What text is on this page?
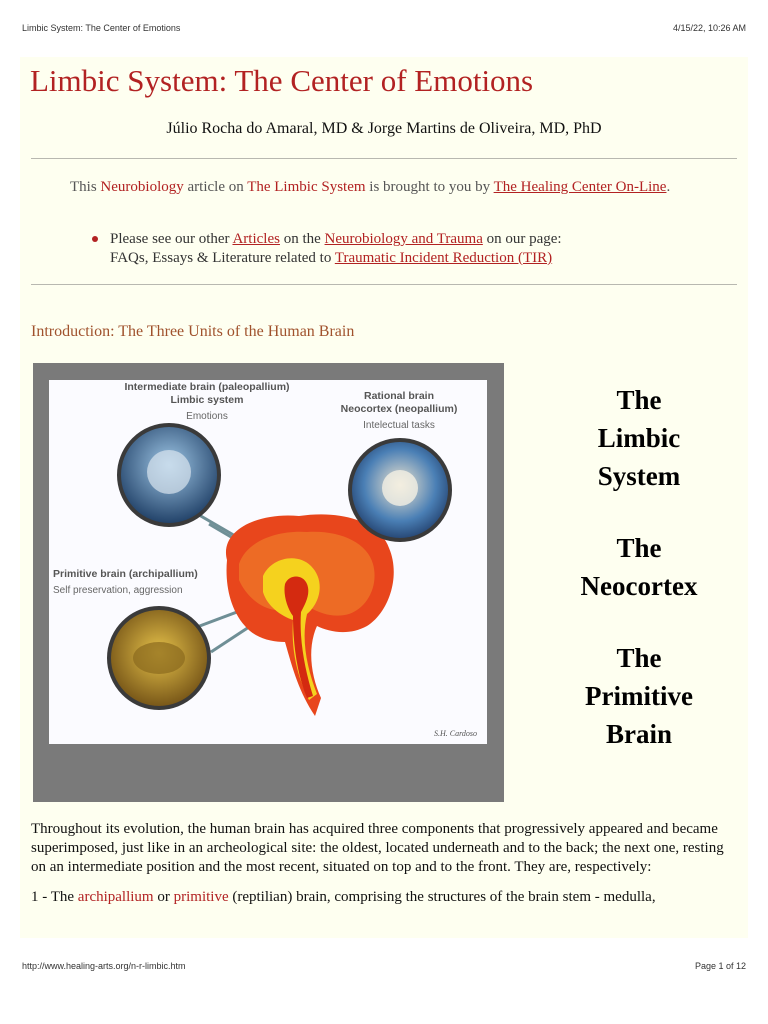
Limbic System: The Center of Emotions	4/15/22, 10:26 AM
Limbic System: The Center of Emotions
Júlio Rocha do Amaral, MD & Jorge Martins de Oliveira, MD, PhD
This Neurobiology article on The Limbic System is brought to you by The Healing Center On-Line.
Please see our other Articles on the Neurobiology and Trauma on our page:
FAQs, Essays & Literature related to Traumatic Incident Reduction (TIR)
Introduction: The Three Units of the Human Brain
Intermediate brain (paleopallium)
Limbic system
Emotions
Rational brain
Neocortex (neopallium)
Intelectual tasks
Primitive brain (archipallium)
Self preservation, aggression
S.H. Cardoso
The
Limbic
System
The
Neocortex
The
Primitive
Brain

Throughout its evolution, the human brain has acquired three components that progressively appeared and became superimposed, just like in an archeological site: the oldest, located underneath and to the back; the next one, resting on an intermediate position and the most recent, situated on top and to the front. They are, respectively:

1 - The archipallium or primitive (reptilian) brain, comprising the structures of the brain stem - medulla,

http://www.healing-arts.org/n-r-limbic.htm	Page 1 of 12
